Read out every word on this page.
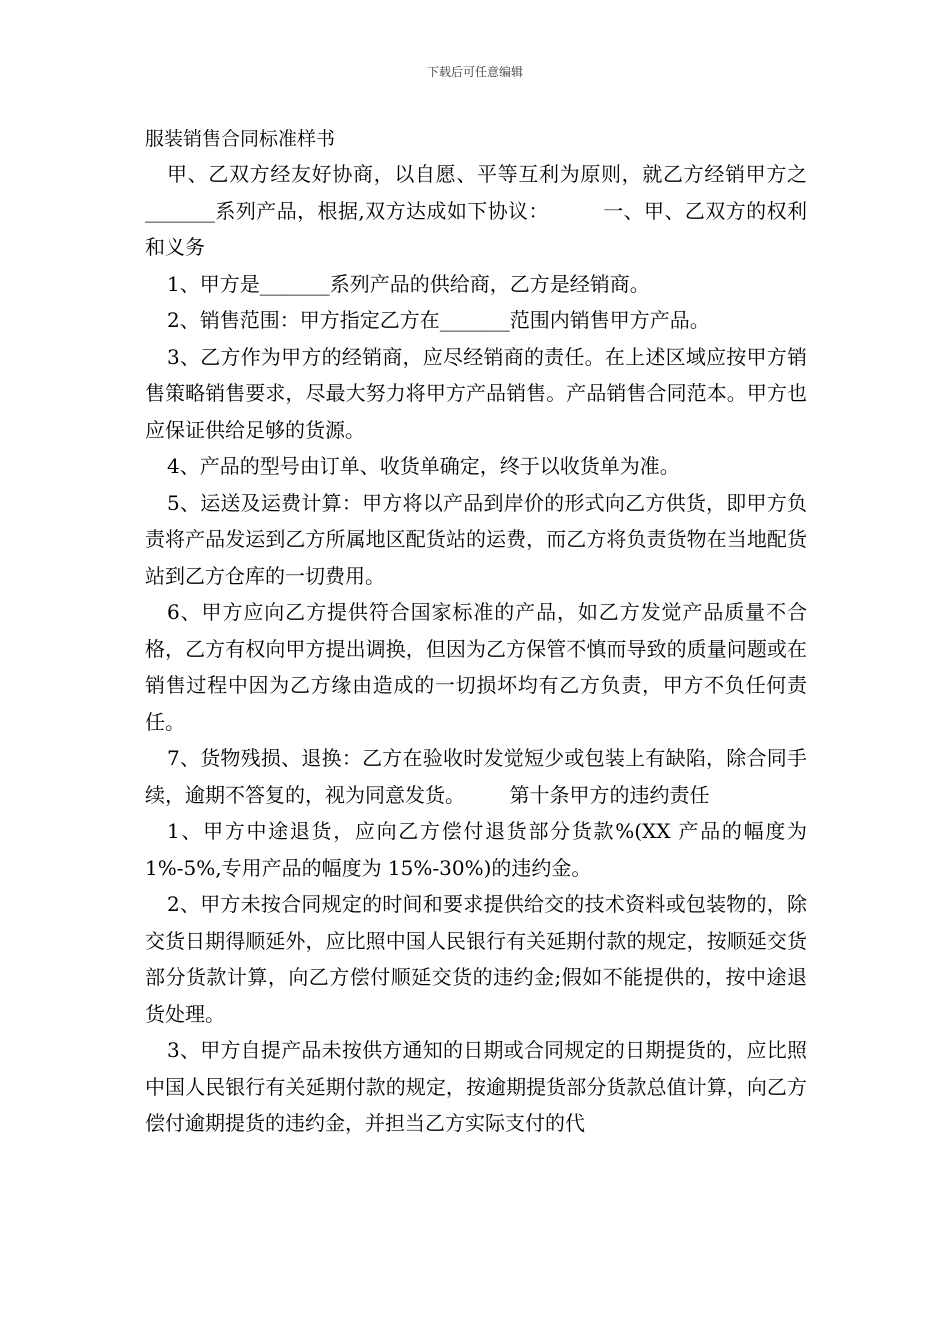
下载后可任意编辑
服装销售合同标准样书

甲、乙双方经友好协商，以自愿、平等互利为原则，就乙方经销甲方之_______系列产品，根据,双方达成如下协议：        一、甲、乙双方的权利和义务

1、甲方是_______系列产品的供给商，乙方是经销商。

2、销售范围：甲方指定乙方在_______范围内销售甲方产品。

3、乙方作为甲方的经销商，应尽经销商的责任。在上述区域应按甲方销售策略销售要求，尽最大努力将甲方产品销售。产品销售合同范本。甲方也应保证供给足够的货源。

4、产品的型号由订单、收货单确定，终于以收货单为准。

5、运送及运费计算：甲方将以产品到岸价的形式向乙方供货，即甲方负责将产品发运到乙方所属地区配货站的运费，而乙方将负责货物在当地配货站到乙方仓库的一切费用。

6、甲方应向乙方提供符合国家标准的产品，如乙方发觉产品质量不合格，乙方有权向甲方提出调换，但因为乙方保管不慎而导致的质量问题或在销售过程中因为乙方缘由造成的一切损坏均有乙方负责，甲方不负任何责任。

7、货物残损、退换：乙方在验收时发觉短少或包装上有缺陷，除合同手续，逾期不答复的，视为同意发货。       第十条甲方的违约责任

1、甲方中途退货，应向乙方偿付退货部分货款%(XX 产品的幅度为 1%-5%,专用产品的幅度为 15%-30%)的违约金。

2、甲方未按合同规定的时间和要求提供给交的技术资料或包装物的，除交货日期得顺延外，应比照中国人民银行有关延期付款的规定，按顺延交货部分货款计算，向乙方偿付顺延交货的违约金;假如不能提供的，按中途退货处理。

3、甲方自提产品未按供方通知的日期或合同规定的日期提货的，应比照中国人民银行有关延期付款的规定，按逾期提货部分货款总值计算，向乙方偿付逾期提货的违约金，并担当乙方实际支付的代
